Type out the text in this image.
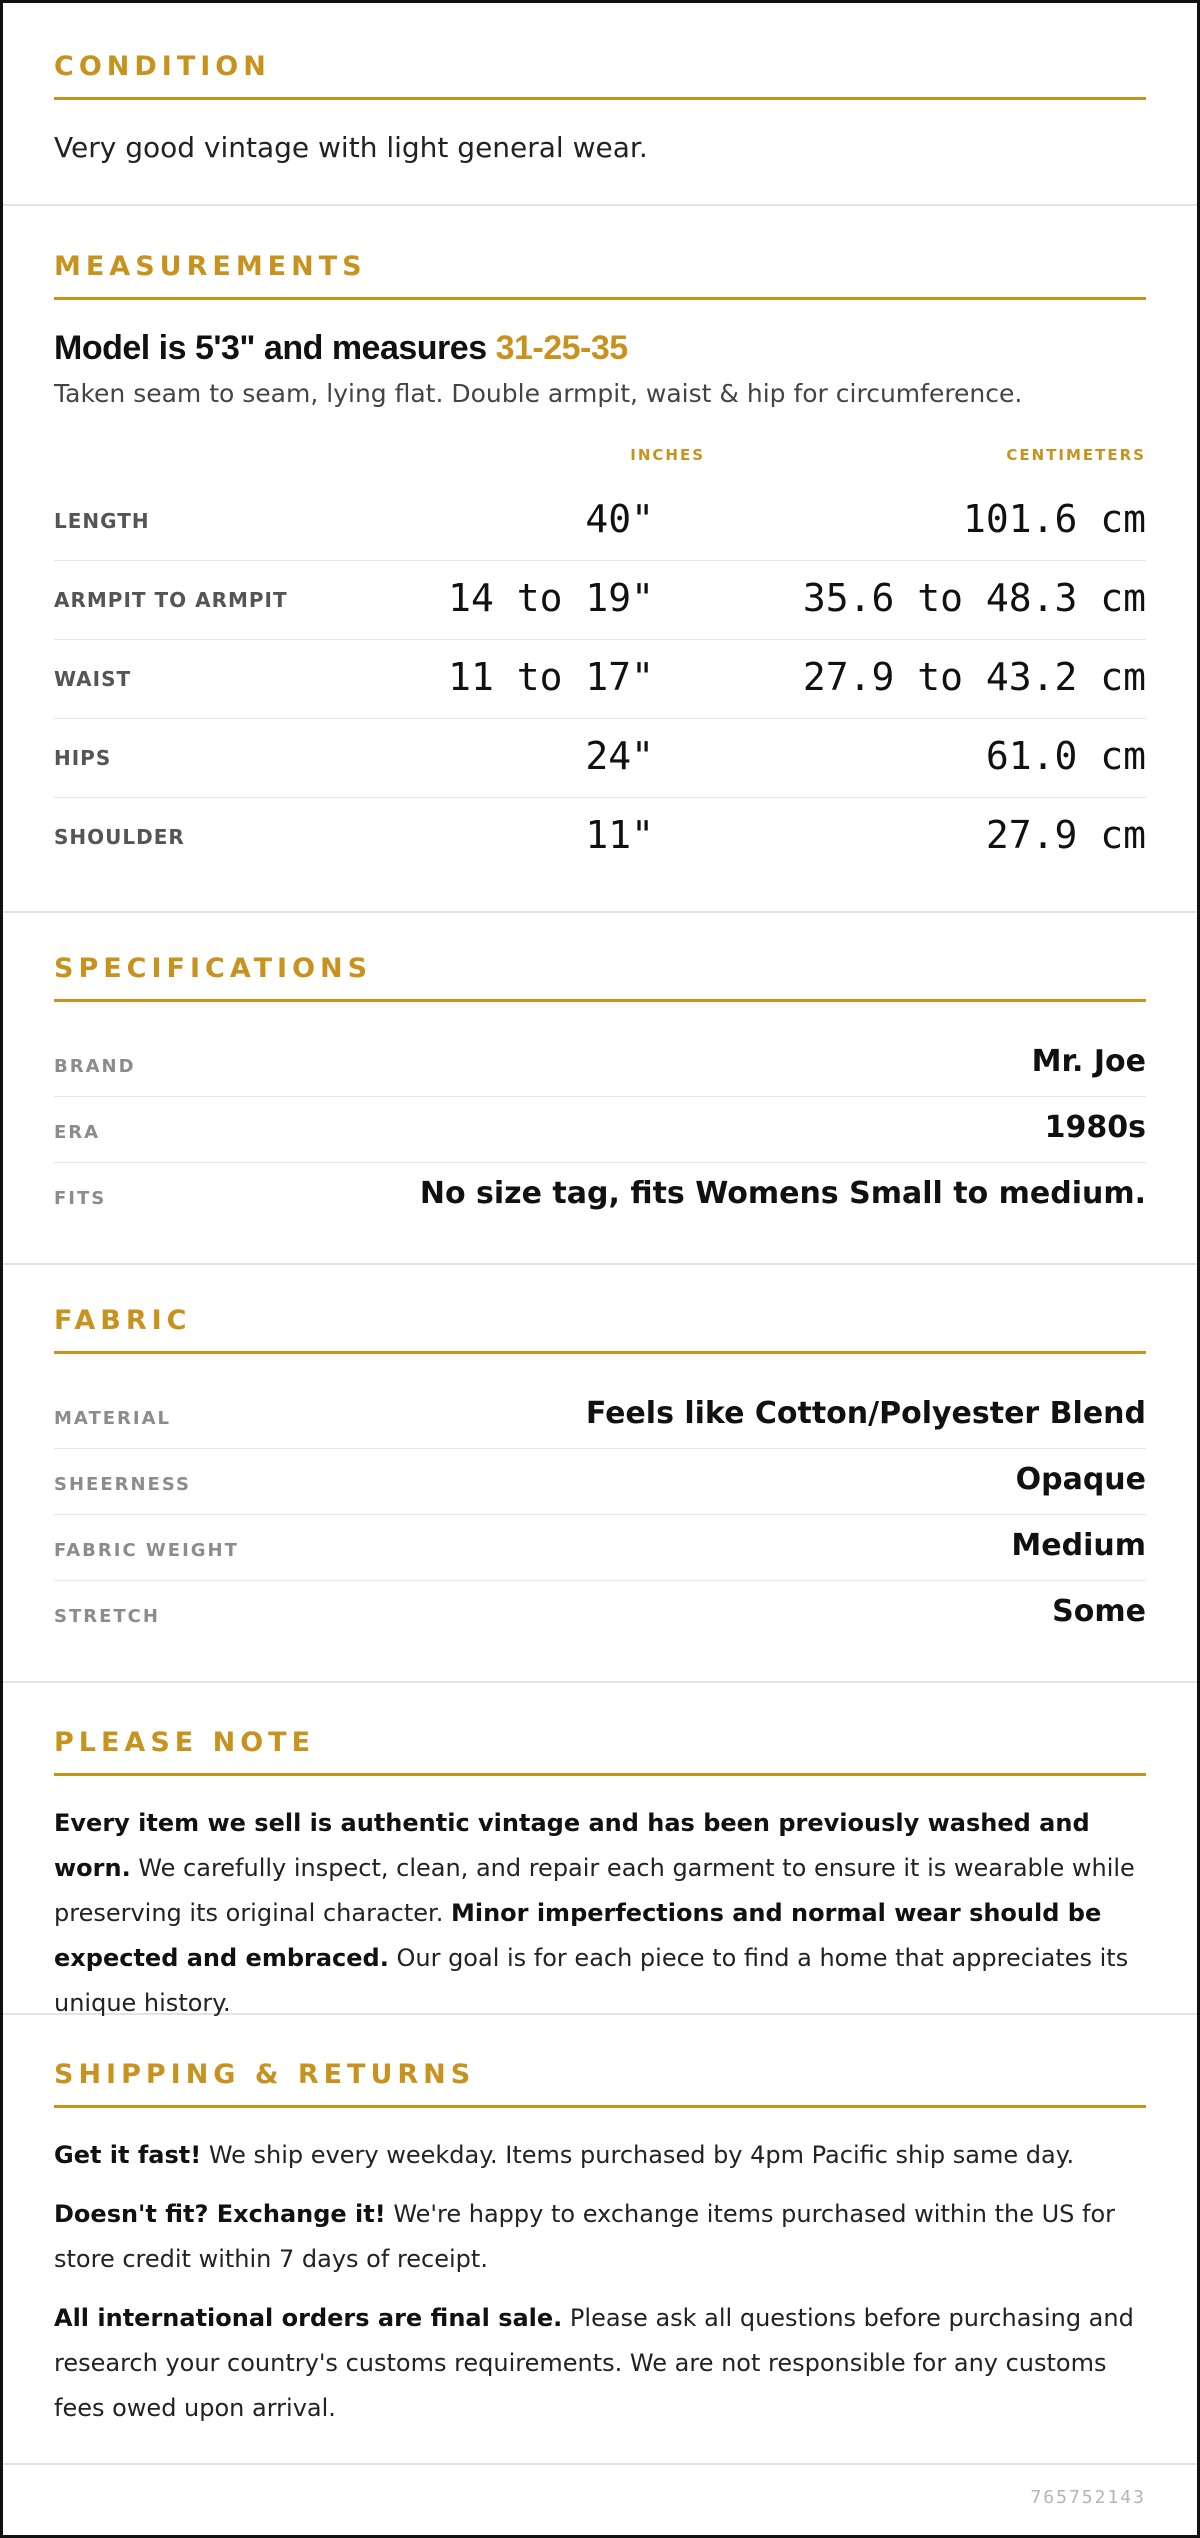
CONDITION
Very good vintage with light general wear.
MEASUREMENTS
Model is 5'3" and measures 31-25-35
Taken seam to seam, lying flat. Double armpit, waist & hip for circumference.
INCHES	CENTIMETERS
LENGTH	40"	101.6 cm
ARMPIT TO ARMPIT	14 to 19"	35.6 to 48.3 cm
WAIST	11 to 17"	27.9 to 43.2 cm
HIPS	24"	61.0 cm
SHOULDER	11"	27.9 cm
SPECIFICATIONS
BRAND	Mr. Joe
ERA	1980s
FITS	No size tag, fits Womens Small to medium.
FABRIC
MATERIAL	Feels like Cotton/Polyester Blend
SHEERNESS	Opaque
FABRIC WEIGHT	Medium
STRETCH	Some
PLEASE NOTE
Every item we sell is authentic vintage and has been previously washed and worn. We carefully inspect, clean, and repair each garment to ensure it is wearable while preserving its original character. Minor imperfections and normal wear should be expected and embraced. Our goal is for each piece to find a home that appreciates its unique history.
SHIPPING & RETURNS
Get it fast! We ship every weekday. Items purchased by 4pm Pacific ship same day.
Doesn't fit? Exchange it! We're happy to exchange items purchased within the US for store credit within 7 days of receipt.
All international orders are final sale. Please ask all questions before purchasing and research your country's customs requirements. We are not responsible for any customs fees owed upon arrival.
765752143
